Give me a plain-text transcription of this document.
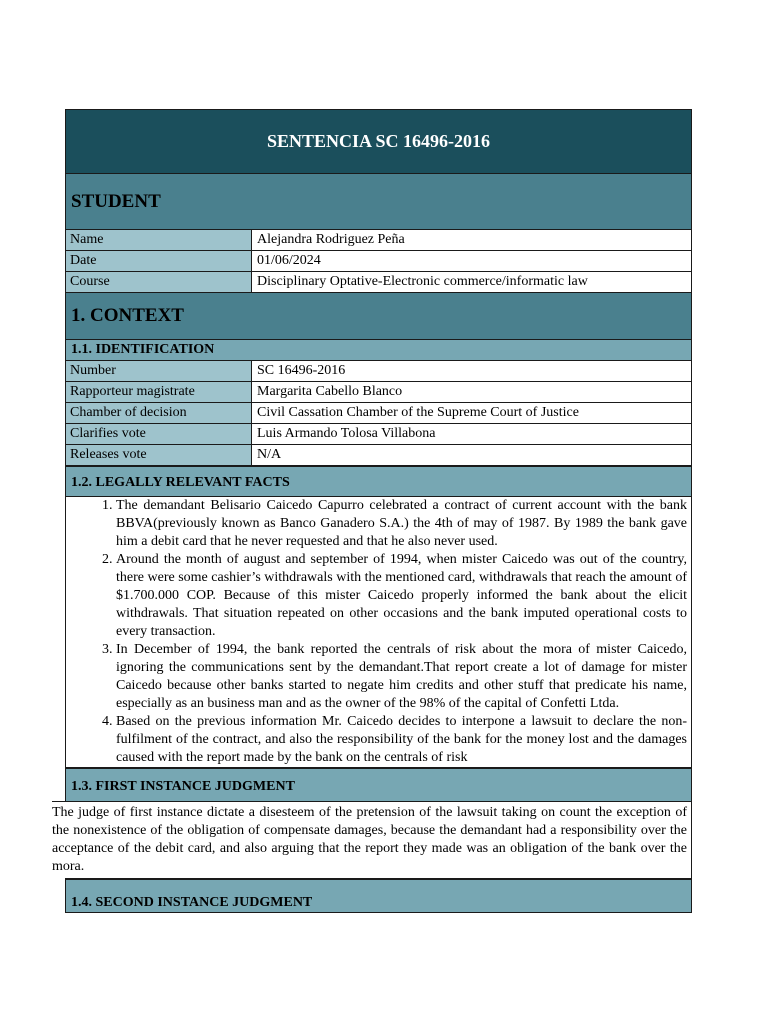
SENTENCIA SC 16496-2016
STUDENT
Name	Alejandra Rodriguez Peña
Date	01/06/2024
Course	Disciplinary Optative-Electronic commerce/informatic law
1. CONTEXT
1.1. IDENTIFICATION
Number	SC 16496-2016
Rapporteur magistrate	Margarita Cabello Blanco
Chamber of decision	Civil Cassation Chamber of the Supreme Court of Justice
Clarifies vote	Luis Armando Tolosa Villabona
Releases vote	N/A
1.2. LEGALLY RELEVANT FACTS
1. The demandant Belisario Caicedo Capurro celebrated a contract of current account with the bank BBVA(previously known as Banco Ganadero S.A.) the 4th of may of 1987. By 1989 the bank gave him a debit card that he never requested and that he also never used.
2. Around the month of august and september of 1994, when mister Caicedo was out of the country, there were some cashier’s withdrawals with the mentioned card, withdrawals that reach the amount of $1.700.000 COP. Because of this mister Caicedo properly informed the bank about the elicit withdrawals. That situation repeated on other occasions and the bank imputed operational costs to every transaction.
3. In December of 1994, the bank reported the centrals of risk about the mora of mister Caicedo, ignoring the communications sent by the demandant.That report create a lot of damage for mister Caicedo because other banks started to negate him credits and other stuff that predicate his name, especially as an business man and as the owner of the 98% of the capital of Confetti Ltda.
4. Based on the previous information Mr. Caicedo decides to interpone a lawsuit to declare the non-fulfilment of the contract, and also the responsibility of the bank for the money lost and the damages caused with the report made by the bank on the centrals of risk
1.3. FIRST INSTANCE JUDGMENT
The judge of first instance dictate a disesteem of the pretension of the lawsuit taking on count the exception of the nonexistence of the obligation of compensate damages, because the demandant had a responsibility over the acceptance of the debit card, and also arguing that the report they made was an obligation of the bank over the mora.
1.4. SECOND INSTANCE JUDGMENT
